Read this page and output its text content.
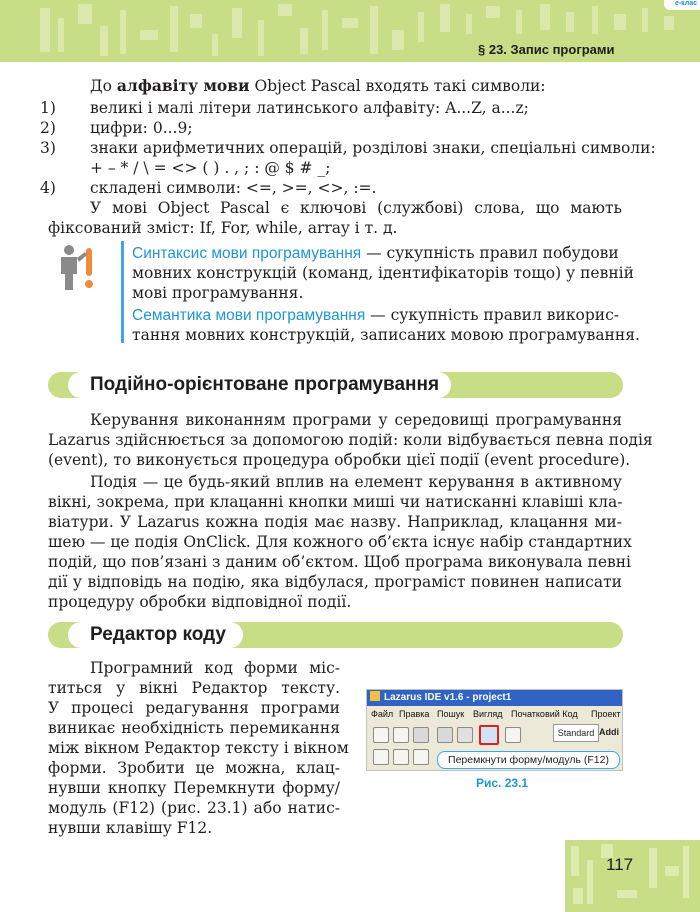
§ 23. Запис програми
e-клас
До алфавіту мови Object Pascal входять такі символи:
1) великі і малі літери латинського алфавіту: A...Z, a...z;
2) цифри: 0...9;
3) знаки арифметичних операцій, розділові знаки, спеціальні символи:
+ – * / \ = <> ( ) . , ; : @ $ # _;
4) складені символи: <=, >=, <>, :=.
У мові Object Pascal є ключові (службові) слова, що мають
фіксований зміст: If, For, while, array і т. д.
Синтаксис мови програмування — сукупність правил побудови
мовних конструкцій (команд, ідентифікаторів тощо) у певній
мові програмування.
Семантика мови програмування — сукупність правил викорис-
тання мовних конструкцій, записаних мовою програмування.
Подійно-орієнтоване програмування
Керування виконанням програми у середовищі програмування
Lazarus здійснюється за допомогою подій: коли відбувається певна подія
(event), то виконується процедура обробки цієї події (event procedure).
Подія — це будь-який вплив на елемент керування в активному
вікні, зокрема, при клацанні кнопки миші чи натисканні клавіші кла-
віатури. У Lazarus кожна подія має назву. Наприклад, клацання ми-
шею — це подія OnClick. Для кожного об’єкта існує набір стандартних
подій, що пов’язані з даним об’єктом. Щоб програма виконувала певні
дії у відповідь на подію, яка відбулася, програміст повинен написати
процедуру обробки відповідної події.
Редактор коду
Програмний код форми міс-
титься у вікні Редактор тексту.
У процесі редагування програми
виникає необхідність перемикання
між вікном Редактор тексту і вікном
форми. Зробити це можна, клац-
нувши кнопку Перемкнути форму/
модуль (F12) (рис. 23.1) або натис-
нувши клавішу F12.
Lazarus IDE v1.6 - project1
Файл Правка Пошук Вигляд Початковий Код Проект
Standard Addi
Перемкнути форму/модуль (F12)
Рис. 23.1
117
